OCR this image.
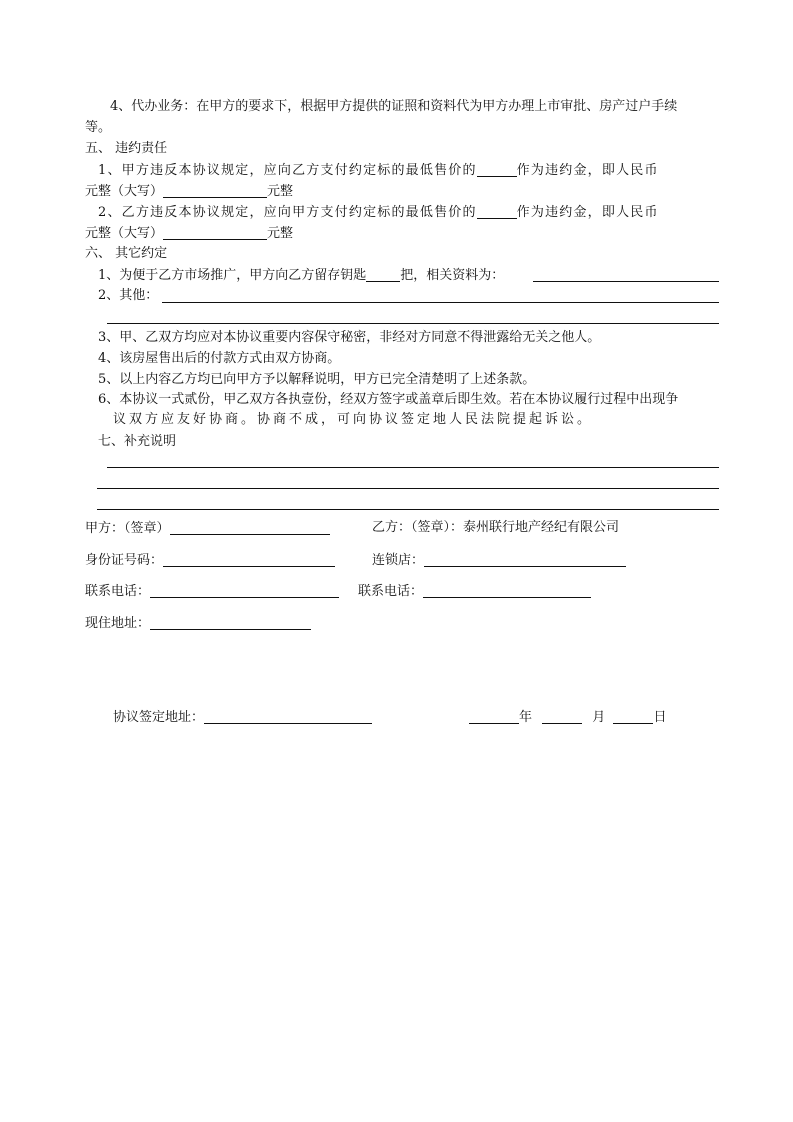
4、代办业务：在甲方的要求下，根据甲方提供的证照和资料代为甲方办理上市审批、房产过户手续
等。
五、 违约责任
1、甲方违反本协议规定，应向乙方支付约定标的最低售价的	作为违约金，即人民币
元整（大写）	元整
2、乙方违反本协议规定，应向甲方支付约定标的最低售价的	作为违约金，即人民币
元整（大写）	元整
六、 其它约定
1、为便于乙方市场推广，甲方向乙方留存钥匙	把，相关资料为：
2、其他：
3、甲、乙双方均应对本协议重要内容保守秘密，非经对方同意不得泄露给无关之他人。
4、该房屋售出后的付款方式由双方协商。
5、以上内容乙方均已向甲方予以解释说明，甲方已完全清楚明了上述条款。
6、本协议一式贰份，甲乙双方各执壹份，经双方签字或盖章后即生效。若在本协议履行过程中出现争
议双方应友好协商。协商不成，可向协议签定地人民法院提起诉讼。
七、补充说明
甲方：（签章）	乙方：（签章）：泰州联行地产经纪有限公司
身份证号码：	连锁店：
联系电话：	联系电话：
现住地址：
协议签定地址：	年	月	日
